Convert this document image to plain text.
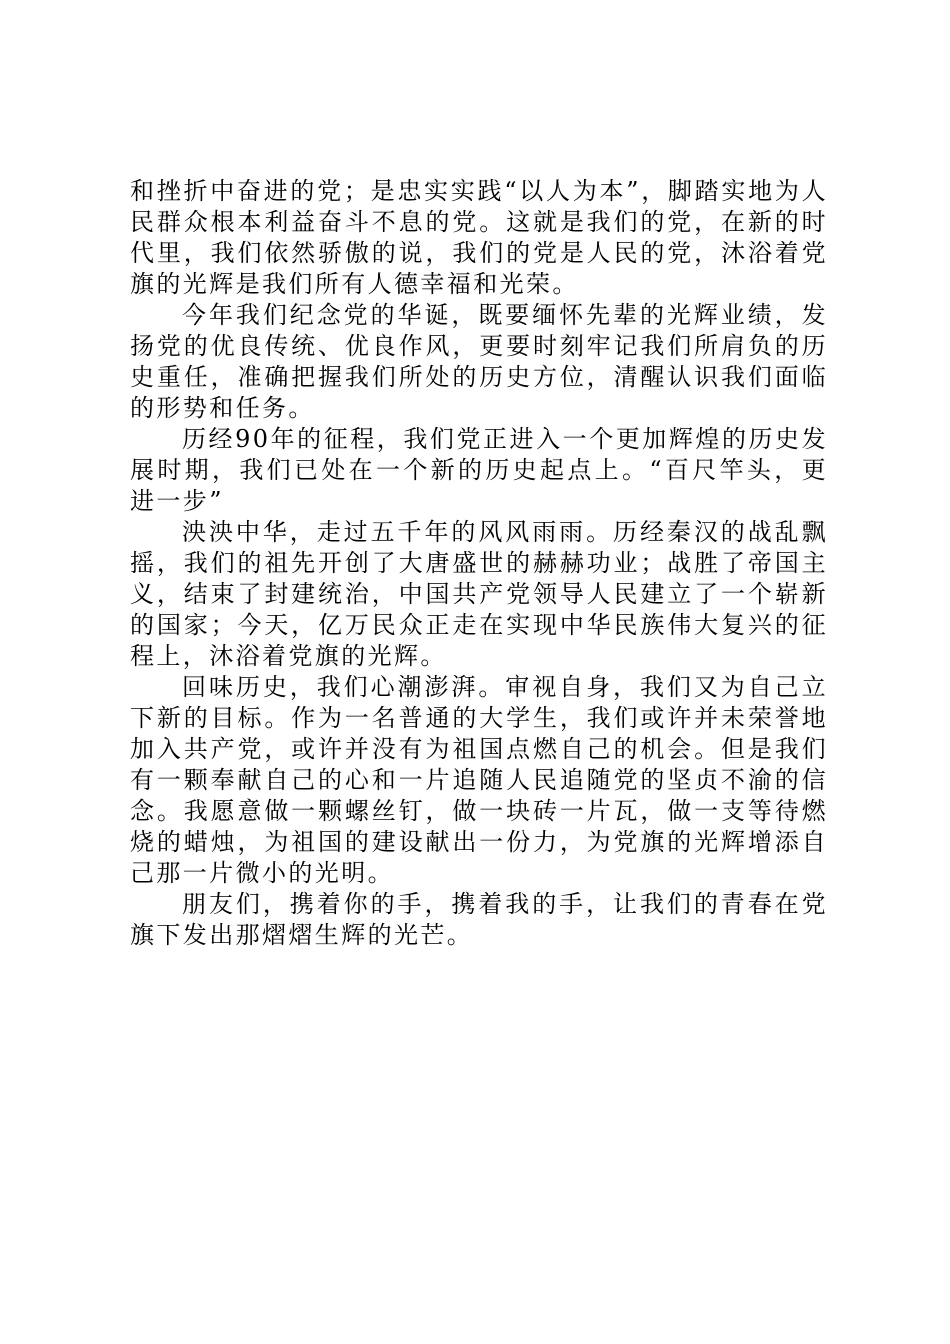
和挫折中奋进的党；是忠实实践“以人为本”，脚踏实地为人民群众根本利益奋斗不息的党。这就是我们的党，在新的时代里，我们依然骄傲的说，我们的党是人民的党，沐浴着党旗的光辉是我们所有人德幸福和光荣。

今年我们纪念党的华诞，既要缅怀先辈的光辉业绩，发扬党的优良传统、优良作风，更要时刻牢记我们所肩负的历史重任，准确把握我们所处的历史方位，清醒认识我们面临的形势和任务。

历经90年的征程，我们党正进入一个更加辉煌的历史发展时期，我们已处在一个新的历史起点上。“百尺竿头，更进一步”

泱泱中华，走过五千年的风风雨雨。历经秦汉的战乱飘摇，我们的祖先开创了大唐盛世的赫赫功业；战胜了帝国主义，结束了封建统治，中国共产党领导人民建立了一个崭新的国家；今天，亿万民众正走在实现中华民族伟大复兴的征程上，沐浴着党旗的光辉。

回味历史，我们心潮澎湃。审视自身，我们又为自己立下新的目标。作为一名普通的大学生，我们或许并未荣誉地加入共产党，或许并没有为祖国点燃自己的机会。但是我们有一颗奉献自己的心和一片追随人民追随党的坚贞不渝的信念。我愿意做一颗螺丝钉，做一块砖一片瓦，做一支等待燃烧的蜡烛，为祖国的建设献出一份力，为党旗的光辉增添自己那一片微小的光明。

朋友们，携着你的手，携着我的手，让我们的青春在党旗下发出那熠熠生辉的光芒。
